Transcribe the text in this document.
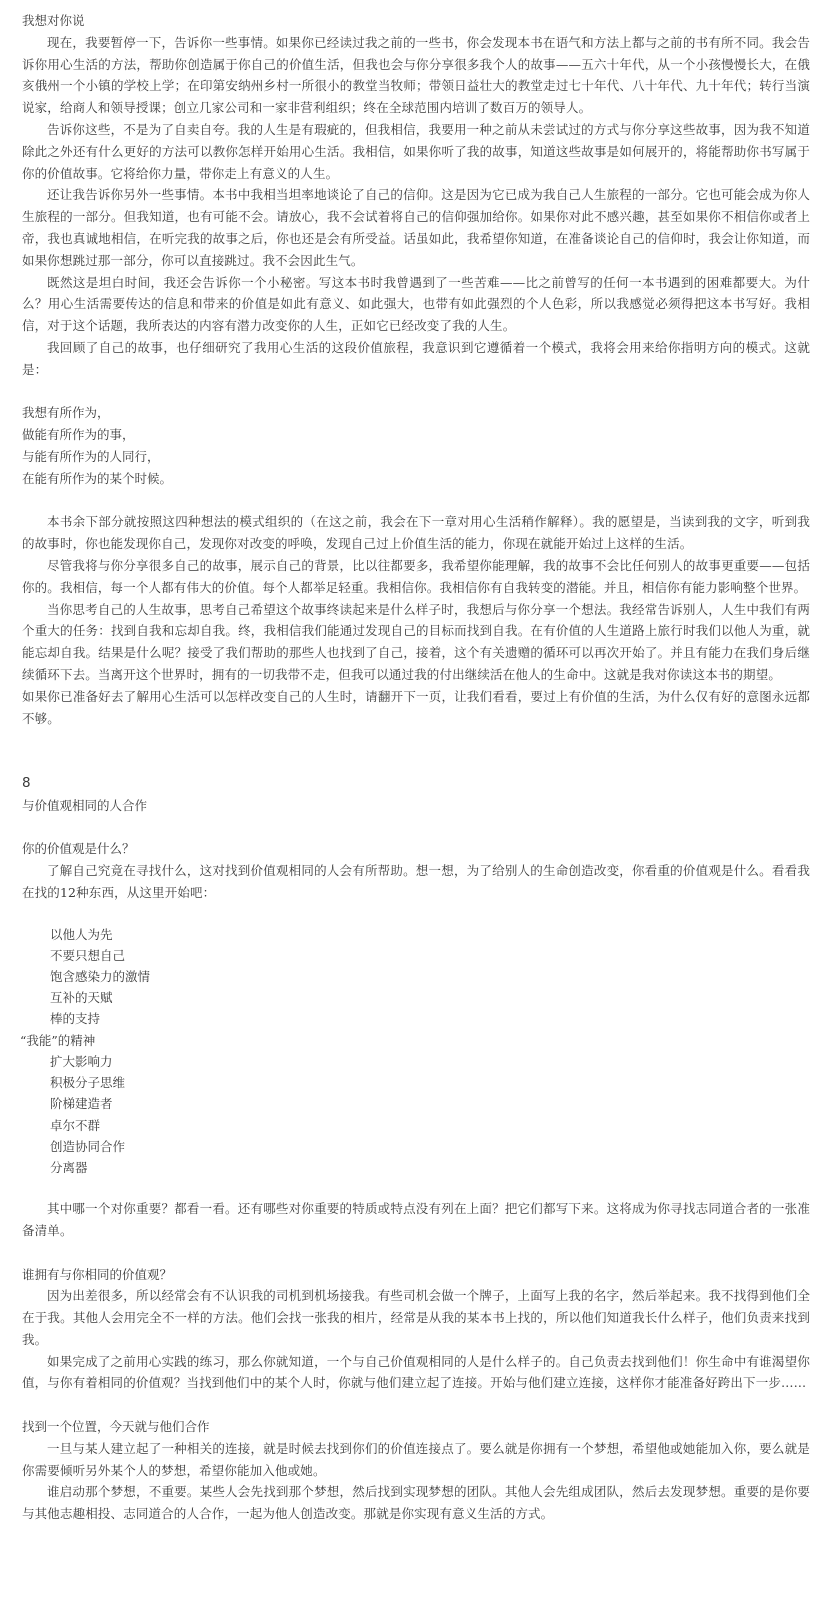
我想对你说
现在，我要暂停一下，告诉你一些事情。如果你已经读过我之前的一些书，你会发现本书在语气和方法上都与之前的书有所不同。我会告诉你用心生活的方法，帮助你创造属于你自己的价值生活，但我也会与你分享很多我个人的故事——五六十年代，从一个小孩慢慢长大，在俄亥俄州一个小镇的学校上学；在印第安纳州乡村一所很小的教堂当牧师；带领日益壮大的教堂走过七十年代、八十年代、九十年代；转行当演说家，给商人和领导授课；创立几家公司和一家非营利组织；终在全球范围内培训了数百万的领导人。
告诉你这些，不是为了自卖自夸。我的人生是有瑕疵的，但我相信，我要用一种之前从未尝试过的方式与你分享这些故事，因为我不知道除此之外还有什么更好的方法可以教你怎样开始用心生活。我相信，如果你听了我的故事，知道这些故事是如何展开的，将能帮助你书写属于你的价值故事。它将给你力量，带你走上有意义的人生。
还让我告诉你另外一些事情。本书中我相当坦率地谈论了自己的信仰。这是因为它已成为我自己人生旅程的一部分。它也可能会成为你人生旅程的一部分。但我知道，也有可能不会。请放心，我不会试着将自己的信仰强加给你。如果你对此不感兴趣，甚至如果你不相信你或者上帝，我也真诚地相信，在听完我的故事之后，你也还是会有所受益。话虽如此，我希望你知道，在准备谈论自己的信仰时，我会让你知道，而如果你想跳过那一部分，你可以直接跳过。我不会因此生气。
既然这是坦白时间，我还会告诉你一个小秘密。写这本书时我曾遇到了一些苦难——比之前曾写的任何一本书遇到的困难都要大。为什么？用心生活需要传达的信息和带来的价值是如此有意义、如此强大，也带有如此强烈的个人色彩，所以我感觉必须得把这本书写好。我相信，对于这个话题，我所表达的内容有潜力改变你的人生，正如它已经改变了我的人生。
我回顾了自己的故事，也仔细研究了我用心生活的这段价值旅程，我意识到它遵循着一个模式，我将会用来给你指明方向的模式。这就是：
我想有所作为，
做能有所作为的事，
与能有所作为的人同行，
在能有所作为的某个时候。
本书余下部分就按照这四种想法的模式组织的（在这之前，我会在下一章对用心生活稍作解释）。我的愿望是，当读到我的文字，听到我的故事时，你也能发现你自己，发现你对改变的呼唤，发现自己过上价值生活的能力，你现在就能开始过上这样的生活。
尽管我将与你分享很多自己的故事，展示自己的背景，比以往都要多，我希望你能理解，我的故事不会比任何别人的故事更重要——包括你的。我相信，每一个人都有伟大的价值。每个人都举足轻重。我相信你。我相信你有自我转变的潜能。并且，相信你有能力影响整个世界。
当你思考自己的人生故事，思考自己希望这个故事终读起来是什么样子时，我想后与你分享一个想法。我经常告诉别人，人生中我们有两个重大的任务：找到自我和忘却自我。终，我相信我们能通过发现自己的目标而找到自我。在有价值的人生道路上旅行时我们以他人为重，就能忘却自我。结果是什么呢？接受了我们帮助的那些人也找到了自己，接着，这个有关遗赠的循环可以再次开始了。并且有能力在我们身后继续循环下去。当离开这个世界时，拥有的一切我带不走，但我可以通过我的付出继续活在他人的生命中。这就是我对你读这本书的期望。
如果你已准备好去了解用心生活可以怎样改变自己的人生时，请翻开下一页，让我们看看，要过上有价值的生活，为什么仅有好的意图永远都不够。
8
与价值观相同的人合作
你的价值观是什么？
了解自己究竟在寻找什么，这对找到价值观相同的人会有所帮助。想一想，为了给别人的生命创造改变，你看重的价值观是什么。看看我在找的12种东西，从这里开始吧：
以他人为先
不要只想自己
饱含感染力的激情
互补的天赋
棒的支持
“我能”的精神
扩大影响力
积极分子思维
阶梯建造者
卓尔不群
创造协同合作
分离器
其中哪一个对你重要？都看一看。还有哪些对你重要的特质或特点没有列在上面？把它们都写下来。这将成为你寻找志同道合者的一张准备清单。
谁拥有与你相同的价值观？
因为出差很多，所以经常会有不认识我的司机到机场接我。有些司机会做一个牌子，上面写上我的名字，然后举起来。我不找得到他们全在于我。其他人会用完全不一样的方法。他们会找一张我的相片，经常是从我的某本书上找的，所以他们知道我长什么样子，他们负责来找到我。
如果完成了之前用心实践的练习，那么你就知道，一个与自己价值观相同的人是什么样子的。自己负责去找到他们！你生命中有谁渴望你值，与你有着相同的价值观？当找到他们中的某个人时，你就与他们建立起了连接。开始与他们建立连接，这样你才能准备好跨出下一步……
找到一个位置，今天就与他们合作
一旦与某人建立起了一种相关的连接，就是时候去找到你们的价值连接点了。要么就是你拥有一个梦想，希望他或她能加入你，要么就是你需要倾听另外某个人的梦想，希望你能加入他或她。
谁启动那个梦想，不重要。某些人会先找到那个梦想，然后找到实现梦想的团队。其他人会先组成团队，然后去发现梦想。重要的是你要与其他志趣相投、志同道合的人合作，一起为他人创造改变。那就是你实现有意义生活的方式。
